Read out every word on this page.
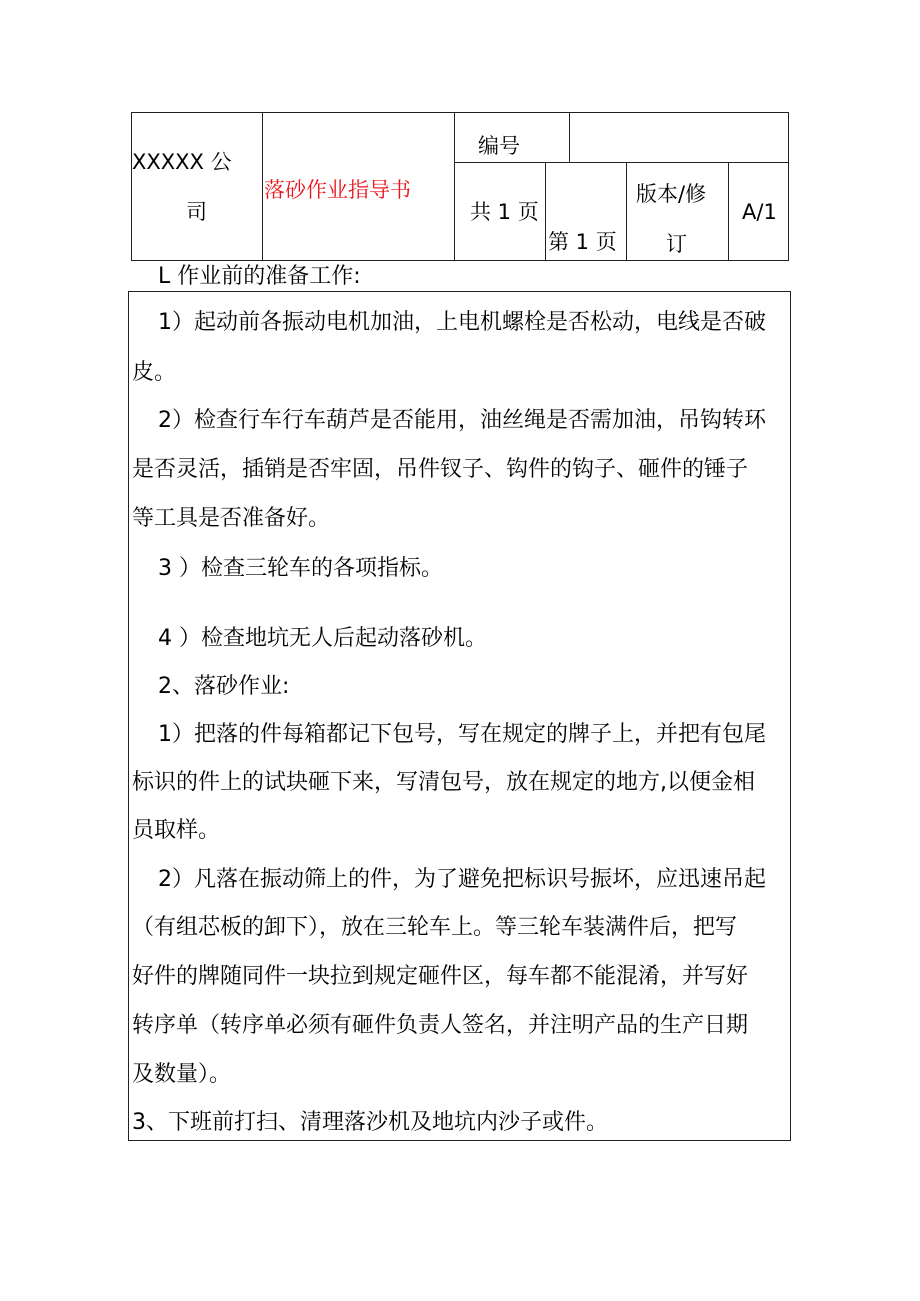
XXXXX 公
司
落砂作业指导书
编号
共 1 页
第 1 页
版本/修
订
A/1
L 作业前的准备工作:
1）起动前各振动电机加油，上电机螺栓是否松动，电线是否破
皮。
2）检查行车行车葫芦是否能用，油丝绳是否需加油，吊钩转环
是否灵活，插销是否牢固，吊件钗子、钩件的钩子、砸件的锤子
等工具是否准备好。
3 ）检查三轮车的各项指标。
4 ）检查地坑无人后起动落砂机。
2、落砂作业:
1）把落的件每箱都记下包号，写在规定的牌子上，并把有包尾
标识的件上的试块砸下来，写清包号，放在规定的地方,以便金相
员取样。
2）凡落在振动筛上的件，为了避免把标识号振坏，应迅速吊起
（有组芯板的卸下），放在三轮车上。等三轮车装满件后，把写
好件的牌随同件一块拉到规定砸件区，每车都不能混淆，并写好
转序单（转序单必须有砸件负责人签名，并注明产品的生产日期
及数量）。
3、下班前打扫、清理落沙机及地坑内沙子或件。
